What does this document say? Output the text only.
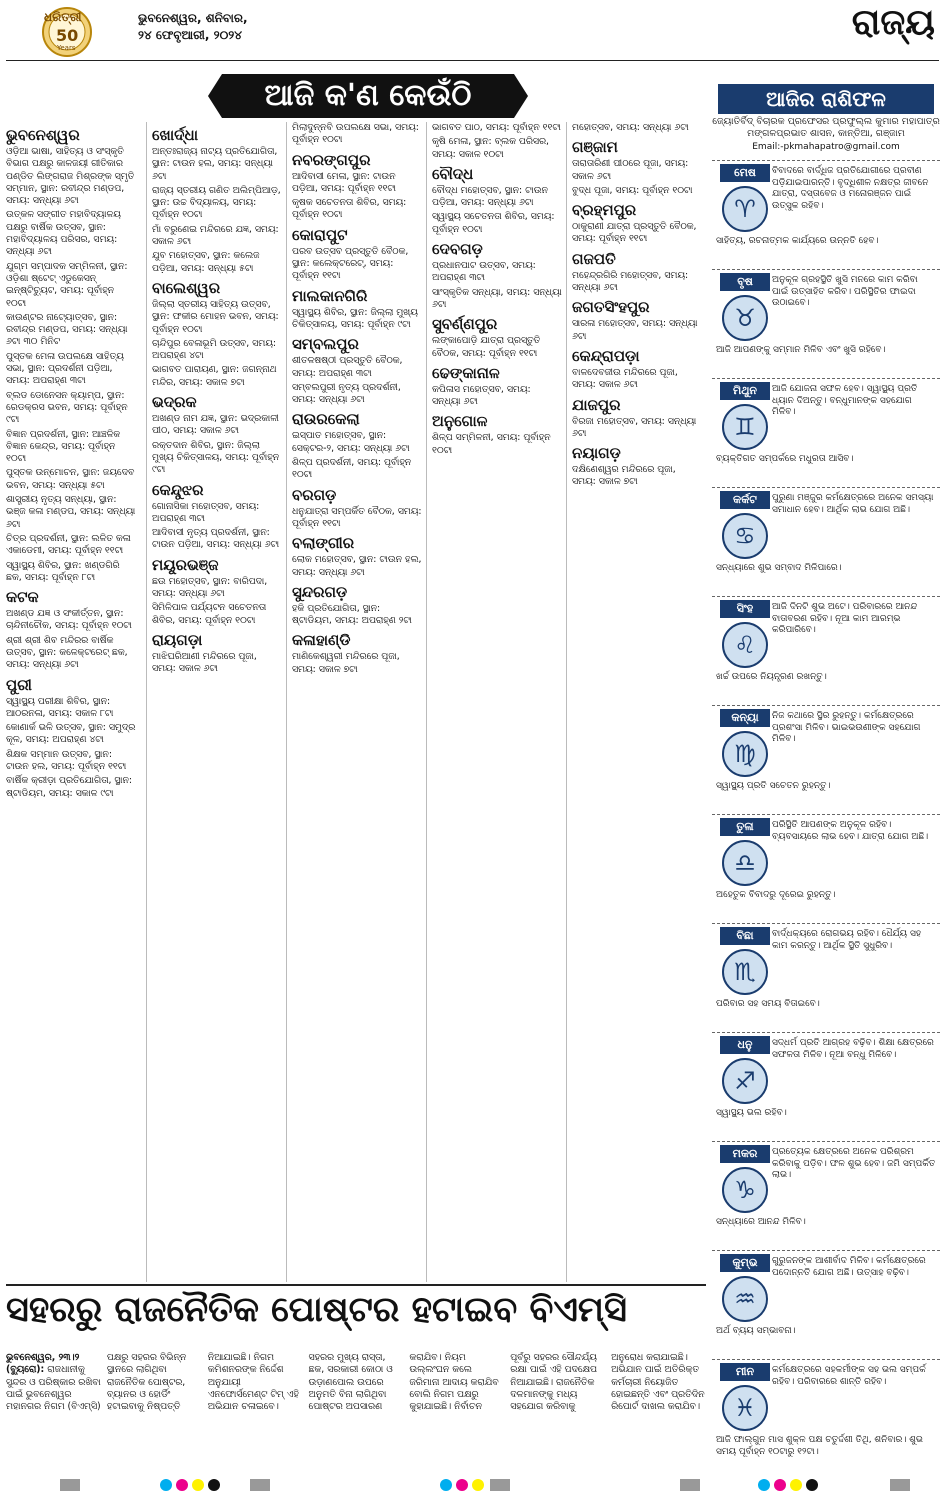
ଧରିତ୍ରୀ
50
Years
ଭୁବନେଶ୍ୱର, ଶନିବାର,
୨୪ ଫେବୃଆରୀ, ୨୦୨୪	ରାଜ୍ୟ
ଆଜି କ'ଣ କେଉଁଠି
ଭୁବନେଶ୍ୱର
ଓଡ଼ିଆ ଭାଷା, ସାହିତ୍ୟ ଓ ସଂସ୍କୃତି ବିଭାଗ ପକ୍ଷରୁ କାଳଜୟୀ ଗୀତିକାର ପଣ୍ଡିତ ଲିଙ୍ଗରାଜ ମିଶ୍ରଙ୍କ ସ୍ମୃତି ସମ୍ମାନ, ସ୍ଥାନ: ରବୀନ୍ଦ୍ର ମଣ୍ଡପ, ସମୟ: ସନ୍ଧ୍ୟା ୬ଟା
ଉତ୍କଳ ସଙ୍ଗୀତ ମହାବିଦ୍ୟାଳୟ ପକ୍ଷରୁ ବାର୍ଷିକ ଉତ୍ସବ, ସ୍ଥାନ: ମହାବିଦ୍ୟାଳୟ ପରିସର, ସମୟ: ସନ୍ଧ୍ୟା ୬ଟା
ଯୁଗ୍ମ ସମ୍ପାଦକ ସମ୍ମିଳନୀ, ସ୍ଥାନ: ଓଡ଼ିଶା ଷ୍ଟେଟ୍ ଏଡୁକେସନ୍ ଇନ୍‌ଷ୍ଟିଚ୍ୟୁଟ, ସମୟ: ପୂର୍ବାହ୍ନ ୧୦ଟା
କାଉଣ୍ଟର ନାଟ୍ୟୋତ୍ସବ, ସ୍ଥାନ: ରବୀନ୍ଦ୍ର ମଣ୍ଡପ, ସମୟ: ସନ୍ଧ୍ୟା ୬ଟା ୩୦ ମିନିଟ
ପୁସ୍ତକ ମେଳା ଉପଲକ୍ଷେ ସାହିତ୍ୟ ସଭା, ସ୍ଥାନ: ପ୍ରଦର୍ଶନୀ ପଡ଼ିଆ, ସମୟ: ଅପରାହ୍ଣ ୩ଟା
ବ୍ଲଡ ଡୋନେସନ କ୍ୟାମ୍ପ, ସ୍ଥାନ: ରେଡକ୍ରସ ଭବନ, ସମୟ: ପୂର୍ବାହ୍ନ ୯ଟା
ବିଜ୍ଞାନ ପ୍ରଦର୍ଶନୀ, ସ୍ଥାନ: ଆଞ୍ଚଳିକ ବିଜ୍ଞାନ କେନ୍ଦ୍ର, ସମୟ: ପୂର୍ବାହ୍ନ ୧୦ଟା
ପୁସ୍ତକ ଉନ୍ମୋଚନ, ସ୍ଥାନ: ଜୟଦେବ ଭବନ, ସମୟ: ସନ୍ଧ୍ୟା ୫ଟା
ଶାସ୍ତ୍ରୀୟ ନୃତ୍ୟ ସନ୍ଧ୍ୟା, ସ୍ଥାନ: ଭଞ୍ଜ କଳା ମଣ୍ଡପ, ସମୟ: ସନ୍ଧ୍ୟା ୬ଟା
ଚିତ୍ର ପ୍ରଦର୍ଶନୀ, ସ୍ଥାନ: ଲଳିତ କଳା ଏକାଡେମୀ, ସମୟ: ପୂର୍ବାହ୍ନ ୧୧ଟା
ସ୍ୱାସ୍ଥ୍ୟ ଶିବିର, ସ୍ଥାନ: ଖଣ୍ଡଗିରି ଛକ, ସମୟ: ପୂର୍ବାହ୍ନ ୮ଟା
କଟକ
ଅଖଣ୍ଡ ଯଜ୍ଞ ଓ ସଂକୀର୍ତ୍ତନ, ସ୍ଥାନ: ଚାନ୍ଦିନୀଚୌକ, ସମୟ: ପୂର୍ବାହ୍ନ ୧୦ଟା
ଶ୍ରୀ ଶ୍ରୀ ଶିବ ମନ୍ଦିରର ବାର୍ଷିକ ଉତ୍ସବ, ସ୍ଥାନ: କଳେକ୍ଟରେଟ୍ ଛକ, ସମୟ: ସନ୍ଧ୍ୟା ୬ଟା
ପୁରୀ
ସ୍ୱାସ୍ଥ୍ୟ ପରୀକ୍ଷା ଶିବିର, ସ୍ଥାନ: ଆଠରନଳା, ସମୟ: ସକାଳ ୮ଟା
କୋଣାର୍କ ଭଳି ଉତ୍ସବ, ସ୍ଥାନ: ସମୁଦ୍ର କୂଳ, ସମୟ: ଅପରାହ୍ଣ ୪ଟା
ଶିକ୍ଷକ ସମ୍ମାନ ଉତ୍ସବ, ସ୍ଥାନ: ଟାଉନ ହଲ, ସମୟ: ପୂର୍ବାହ୍ନ ୧୧ଟା
ବାର୍ଷିକ କ୍ରୀଡ଼ା ପ୍ରତିଯୋଗିତା, ସ୍ଥାନ: ଷ୍ଟାଡିୟମ, ସମୟ: ସକାଳ ୯ଟା
ଖୋର୍ଦ୍ଧା
ଅନ୍ତଃରାଜ୍ୟ ନାଟ୍ୟ ପ୍ରତିଯୋଗିତା, ସ୍ଥାନ: ଟାଉନ ହଲ, ସମୟ: ସନ୍ଧ୍ୟା ୬ଟା
ରାଜ୍ୟ ସ୍ତରୀୟ ଗଣିତ ଅଲିମ୍ପିଆଡ଼, ସ୍ଥାନ: ଉଚ୍ଚ ବିଦ୍ୟାଳୟ, ସମୟ: ପୂର୍ବାହ୍ନ ୧୦ଟା
ମାଁ ବରୁଣେଇ ମନ୍ଦିରରେ ଯଜ୍ଞ, ସମୟ: ସକାଳ ୬ଟା
ଯୁବ ମହୋତ୍ସବ, ସ୍ଥାନ: କଲେଜ ପଡ଼ିଆ, ସମୟ: ସନ୍ଧ୍ୟା ୫ଟା
ବାଲେଶ୍ୱର
ଜିଲ୍ଲା ସ୍ତରୀୟ ସାହିତ୍ୟ ଉତ୍ସବ, ସ୍ଥାନ: ଫକୀର ମୋହନ ଭବନ, ସମୟ: ପୂର୍ବାହ୍ନ ୧୦ଟା
ଚାନ୍ଦିପୁର ବେଳାଭୂମି ଉତ୍ସବ, ସମୟ: ଅପରାହ୍ଣ ୪ଟା
ଭାଗବତ ପାରାୟଣ, ସ୍ଥାନ: ଜଗନ୍ନାଥ ମନ୍ଦିର, ସମୟ: ସକାଳ ୭ଟା
ଭଦ୍ରକ
ଅଖଣ୍ଡ ନାମ ଯଜ୍ଞ, ସ୍ଥାନ: ଭଦ୍ରକାଳୀ ପୀଠ, ସମୟ: ସକାଳ ୬ଟା
ରକ୍ତଦାନ ଶିବିର, ସ୍ଥାନ: ଜିଲ୍ଲା ମୁଖ୍ୟ ଚିକିତ୍ସାଳୟ, ସମୟ: ପୂର୍ବାହ୍ନ ୯ଟା
କେନ୍ଦୁଝର
ଗୋନାସିକା ମହୋତ୍ସବ, ସମୟ: ଅପରାହ୍ଣ ୩ଟା
ଆଦିବାସୀ ନୃତ୍ୟ ପ୍ରଦର୍ଶନୀ, ସ୍ଥାନ: ଟାଉନ ପଡ଼ିଆ, ସମୟ: ସନ୍ଧ୍ୟା ୬ଟା
ମୟୂରଭଞ୍ଜ
ଛଉ ମହୋତ୍ସବ, ସ୍ଥାନ: ବାରିପଦା, ସମୟ: ସନ୍ଧ୍ୟା ୬ଟା
ସିମିଳିପାଳ ପର୍ଯ୍ୟଟନ ସଚେତନତା ଶିବିର, ସମୟ: ପୂର୍ବାହ୍ନ ୧୦ଟା
ରାୟଗଡ଼ା
ମାଝିଘରିଆଣୀ ମନ୍ଦିରରେ ପୂଜା, ସମୟ: ସକାଳ ୬ଟା
ମିଲାଦୁନ୍ନବି ଉପଲକ୍ଷେ ସଭା, ସମୟ: ପୂର୍ବାହ୍ନ ୧୦ଟା
ନବରଙ୍ଗପୁର
ଆଦିବାସୀ ମେଳା, ସ୍ଥାନ: ଟାଉନ ପଡ଼ିଆ, ସମୟ: ପୂର୍ବାହ୍ନ ୧୧ଟା
କୃଷକ ସଚେତନତା ଶିବିର, ସମୟ: ପୂର୍ବାହ୍ନ ୧୦ଟା
କୋରାପୁଟ
ପରବ ଉତ୍ସବ ପ୍ରସ୍ତୁତି ବୈଠକ, ସ୍ଥାନ: କଲେକ୍ଟରେଟ୍, ସମୟ: ପୂର୍ବାହ୍ନ ୧୧ଟା
ମାଲକାନଗିରି
ସ୍ୱାସ୍ଥ୍ୟ ଶିବିର, ସ୍ଥାନ: ଜିଲ୍ଲା ମୁଖ୍ୟ ଚିକିତ୍ସାଳୟ, ସମୟ: ପୂର୍ବାହ୍ନ ୯ଟା
ସମ୍ବଲପୁର
ଶୀତଳଷଷ୍ଠୀ ପ୍ରସ୍ତୁତି ବୈଠକ, ସମୟ: ଅପରାହ୍ଣ ୩ଟା
ସମ୍ବଲପୁରୀ ନୃତ୍ୟ ପ୍ରଦର୍ଶନୀ, ସମୟ: ସନ୍ଧ୍ୟା ୬ଟା
ରାଉରକେଲା
ଇସ୍ପାତ ମହୋତ୍ସବ, ସ୍ଥାନ: ସେକ୍ଟର-୨, ସମୟ: ସନ୍ଧ୍ୟା ୬ଟା
ଶିଳ୍ପ ପ୍ରଦର୍ଶନୀ, ସମୟ: ପୂର୍ବାହ୍ନ ୧୦ଟା
ବରଗଡ଼
ଧନୁଯାତ୍ରା ସମ୍ପର୍କିତ ବୈଠକ, ସମୟ: ପୂର୍ବାହ୍ନ ୧୧ଟା
ବଲାଙ୍ଗୀର
ଲୋକ ମହୋତ୍ସବ, ସ୍ଥାନ: ଟାଉନ ହଲ, ସମୟ: ସନ୍ଧ୍ୟା ୬ଟା
ସୁନ୍ଦରଗଡ଼
ହକି ପ୍ରତିଯୋଗିତା, ସ୍ଥାନ: ଷ୍ଟାଡିୟମ, ସମୟ: ଅପରାହ୍ଣ ୨ଟା
କଳାହାଣ୍ଡି
ମାଣିକେଶ୍ୱରୀ ମନ୍ଦିରରେ ପୂଜା, ସମୟ: ସକାଳ ୭ଟା
ଭାଗବତ ପାଠ, ସମୟ: ପୂର୍ବାହ୍ନ ୧୧ଟା
କୃଷି ମେଳା, ସ୍ଥାନ: ବ୍ଲକ ପରିସର, ସମୟ: ସକାଳ ୧୦ଟା
ବୌଦ୍ଧ
ବୌଦ୍ଧ ମହୋତ୍ସବ, ସ୍ଥାନ: ଟାଉନ ପଡ଼ିଆ, ସମୟ: ସନ୍ଧ୍ୟା ୬ଟା
ସ୍ୱାସ୍ଥ୍ୟ ସଚେତନତା ଶିବିର, ସମୟ: ପୂର୍ବାହ୍ନ ୧୦ଟା
ଦେବଗଡ଼
ପ୍ରଧାନପାଟ ଉତ୍ସବ, ସମୟ: ଅପରାହ୍ଣ ୩ଟା
ସାଂସ୍କୃତିକ ସନ୍ଧ୍ୟା, ସମୟ: ସନ୍ଧ୍ୟା ୬ଟା
ସୁବର୍ଣ୍ଣପୁର
ଲଙ୍କାପୋଡ଼ି ଯାତ୍ରା ପ୍ରସ୍ତୁତି ବୈଠକ, ସମୟ: ପୂର୍ବାହ୍ନ ୧୧ଟା
ଢେଙ୍କାନାଳ
କପିଳାସ ମହୋତ୍ସବ, ସମୟ: ସନ୍ଧ୍ୟା ୬ଟା
ଅନୁଗୋଳ
ଶିଳ୍ପ ସମ୍ମିଳନୀ, ସମୟ: ପୂର୍ବାହ୍ନ ୧୦ଟା
ମହୋତ୍ସବ, ସମୟ: ସନ୍ଧ୍ୟା ୬ଟା
ଗଞ୍ଜାମ
ତାରାତାରିଣୀ ପୀଠରେ ପୂଜା, ସମୟ: ସକାଳ ୬ଟା
ବୁଦ୍ଧ ପୂଜା, ସମୟ: ପୂର୍ବାହ୍ନ ୧୦ଟା
ବ୍ରହ୍ମପୁର
ଠାକୁରାଣୀ ଯାତ୍ରା ପ୍ରସ୍ତୁତି ବୈଠକ, ସମୟ: ପୂର୍ବାହ୍ନ ୧୧ଟା
ଗଜପତି
ମହେନ୍ଦ୍ରଗିରି ମହୋତ୍ସବ, ସମୟ: ସନ୍ଧ୍ୟା ୬ଟା
ଜଗତସିଂହପୁର
ସାରଳା ମହୋତ୍ସବ, ସମୟ: ସନ୍ଧ୍ୟା ୬ଟା
କେନ୍ଦ୍ରାପଡ଼ା
ବାଳଦେବଜୀଉ ମନ୍ଦିରରେ ପୂଜା, ସମୟ: ସକାଳ ୬ଟା
ଯାଜପୁର
ବିରଜା ମହୋତ୍ସବ, ସମୟ: ସନ୍ଧ୍ୟା ୬ଟା
ନୟାଗଡ଼
ଦକ୍ଷିଣେଶ୍ୱର ମନ୍ଦିରରେ ପୂଜା, ସମୟ: ସକାଳ ୭ଟା
ଆଜିର ରାଶିଫଳ
ଜ୍ୟୋତିର୍ବିଦ୍ ବିଚାରକ ପ୍ରଫେସର ପ୍ରଫୁଲ୍ଲ କୁମାର ମହାପାତ୍ର ମଙ୍ଗଳପ୍ରଭାତ ଶାସନ, କାନ୍ତିଆ, ଗଞ୍ଜାମ
Email:-pkmahapatro@gmail.com
ମେଷ
♈
ବିବାଦରେ ବାର୍ଦ୍ଧିଜ ପ୍ରତିଯୋଗୀରେ ପ୍ରବୀଣ ପଡ଼ିଯାଇପାରନ୍ତି। ବୃଦ୍ଧିଶୀଳ ନକ୍ଷତ୍ର ଜୀବନେ ଯାତ୍ରା, ଦସ୍ତାବେଜ ଓ ମନୋରଞ୍ଜନ ପାଇଁ ଉତ୍ସୁକ ରହିବ।
ସାହିତ୍ୟ, ରଚନାତ୍ମକ କାର୍ଯ୍ୟରେ ଉନ୍ନତି ହେବ।
ବୃଷ
♉
ଅନୁକୂଳ ଗ୍ରହସ୍ଥିତି ଖୁସି ମନରେ କାମ କରିବା ପାଇଁ ଉତ୍ସାହିତ କରିବ। ପରିସ୍ଥିତିର ଫାଇଦା ଉଠାଇବେ।
ଆଜି ଆପଣଙ୍କୁ ସମ୍ମାନ ମିଳିବ ଏବଂ ଖୁସି ରହିବେ।
ମିଥୁନ
♊
ଆଜି ଯୋଜନା ସଫଳ ହେବ। ସ୍ୱାସ୍ଥ୍ୟ ପ୍ରତି ଧ୍ୟାନ ଦିଅନ୍ତୁ। ବନ୍ଧୁମାନଙ୍କ ସହଯୋଗ ମିଳିବ।
ବ୍ୟକ୍ତିଗତ ସମ୍ପର୍କରେ ମଧୁରତା ଆସିବ।
କର୍କଟ
♋
ପୁରୁଣା ମଞ୍ଜୁର କର୍ମକ୍ଷେତ୍ରରେ ଅନେକ ସମସ୍ୟା ସମାଧାନ ହେବ। ଆର୍ଥିକ ଲାଭ ଯୋଗ ଅଛି।
ସନ୍ଧ୍ୟାରେ ଶୁଭ ସମ୍ବାଦ ମିଳିପାରେ।
ସିଂହ
♌
ଆଜି ଦିନଟି ଶୁଭ ଅଟେ। ପରିବାରରେ ଆନନ୍ଦ ବାତାବରଣ ରହିବ। ନୂଆ କାମ ଆରମ୍ଭ କରିପାରିବେ।
ଖର୍ଚ୍ଚ ଉପରେ ନିୟନ୍ତ୍ରଣ ରଖନ୍ତୁ।
କନ୍ୟା
♍
ନିଜ କଥାରେ ସ୍ଥିର ରୁହନ୍ତୁ। କର୍ମକ୍ଷେତ୍ରରେ ପ୍ରଶଂସା ମିଳିବ। ଭାଇଭଉଣୀଙ୍କ ସହଯୋଗ ମିଳିବ।
ସ୍ୱାସ୍ଥ୍ୟ ପ୍ରତି ସଚେତନ ରୁହନ୍ତୁ।
ତୁଳା
♎
ପରିସ୍ଥିତି ଆପଣଙ୍କ ଅନୁକୂଳ ରହିବ। ବ୍ୟବସାୟରେ ଲାଭ ହେବ। ଯାତ୍ରା ଯୋଗ ଅଛି।
ଅହେତୁକ ବିବାଦରୁ ଦୂରେଇ ରୁହନ୍ତୁ।
ବିଛା
♏
ବାର୍ଦ୍ଧକ୍ୟରେ ରୋଗଭୟ ରହିବ। ଧୈର୍ଯ୍ୟ ସହ କାମ କରନ୍ତୁ। ଆର୍ଥିକ ସ୍ଥିତି ସୁଧୁରିବ।
ପରିବାର ସହ ସମୟ ବିତାଇବେ।
ଧନୁ
♐
ସଦ୍ଧର୍ମ ପ୍ରତି ଆଗ୍ରହ ବଢ଼ିବ। ଶିକ୍ଷା କ୍ଷେତ୍ରରେ ସଫଳତା ମିଳିବ। ନୂଆ ବନ୍ଧୁ ମିଳିବେ।
ସ୍ୱାସ୍ଥ୍ୟ ଭଲ ରହିବ।
ମକର
♑
ପ୍ରତ୍ୟେକ କ୍ଷେତ୍ରରେ ଅନେକ ପରିଶ୍ରମ କରିବାକୁ ପଡ଼ିବ। ଫଳ ଶୁଭ ହେବ। ଜମି ସମ୍ପର୍କିତ ଲାଭ।
ସନ୍ଧ୍ୟାରେ ଆନନ୍ଦ ମିଳିବ।
କୁମ୍ଭ
♒
ଗୁରୁଜନଙ୍କ ଆଶୀର୍ବାଦ ମିଳିବ। କର୍ମକ୍ଷେତ୍ରରେ ପଦୋନ୍ନତି ଯୋଗ ଅଛି। ଉତ୍ସାହ ବଢ଼ିବ।
ଅର୍ଥ ବ୍ୟୟ ସମ୍ଭାବନା।
ମୀନ
♓
କର୍ମକ୍ଷେତ୍ରରେ ସହକର୍ମୀଙ୍କ ସହ ଭଲ ସମ୍ପର୍କ ରହିବ। ପରିବାରରେ ଶାନ୍ତି ରହିବ।
ଆଜି ଫାଲ୍‌ଗୁନ ମାସ ଶୁକ୍ଳ ପକ୍ଷ ଚତୁର୍ଦ୍ଦଶୀ ତିଥି, ଶନିବାର। ଶୁଭ ସମୟ ପୂର୍ବାହ୍ନ ୧୦ଟାରୁ ୧୨ଟା।
ସହରରୁ ରାଜନୈତିକ ପୋଷ୍ଟର ହଟାଇବ ବିଏମ୍‌ସି
ଭୁବନେଶ୍ୱର, ୨୩।୨ (ବ୍ୟୁରୋ): ରାଜଧାନୀକୁ ସୁନ୍ଦର ଓ ପରିଷ୍କାର ରଖିବା ପାଇଁ ଭୁବନେଶ୍ୱର ମହାନଗର ନିଗମ (ବିଏମ୍‌ସି) ପକ୍ଷରୁ ସହରର ବିଭିନ୍ନ ସ୍ଥାନରେ ଲାଗିଥିବା ରାଜନୈତିକ ପୋଷ୍ଟର, ବ୍ୟାନର ଓ ହୋର୍ଡିଂ ହଟାଇବାକୁ ନିଷ୍ପତ୍ତି ନିଆଯାଇଛି। ନିଗମ କମିଶନରଙ୍କ ନିର୍ଦ୍ଦେଶ ଅନୁଯାୟୀ ଏନଫୋର୍ସମେଣ୍ଟ ଟିମ୍ ଏହି ଅଭିଯାନ ଚଳାଇବେ। ସହରର ମୁଖ୍ୟ ରାସ୍ତା, ଛକ, ସରକାରୀ କୋଠା ଓ ଉଡ଼ାଣପୋଲ ଉପରେ ଅନୁମତି ବିନା ଲାଗିଥିବା ପୋଷ୍ଟର ଅପସାରଣ କରାଯିବ। ନିୟମ ଉଲ୍ଲଂଘନ କଲେ ଜରିମାନା ଆଦାୟ କରାଯିବ ବୋଲି ନିଗମ ପକ୍ଷରୁ କୁହାଯାଇଛି। ନିର୍ବାଚନ ପୂର୍ବରୁ ସହରର ସୌନ୍ଦର୍ଯ୍ୟ ରକ୍ଷା ପାଇଁ ଏହି ପଦକ୍ଷେପ ନିଆଯାଇଛି। ରାଜନୈତିକ ଦଳମାନଙ୍କୁ ମଧ୍ୟ ସହଯୋଗ କରିବାକୁ ଅନୁରୋଧ କରାଯାଇଛି। ଅଭିଯାନ ପାଇଁ ଅତିରିକ୍ତ କର୍ମଚାରୀ ନିୟୋଜିତ ହୋଇଛନ୍ତି ଏବଂ ପ୍ରତିଦିନ ରିପୋର୍ଟ ଦାଖଲ କରାଯିବ।
